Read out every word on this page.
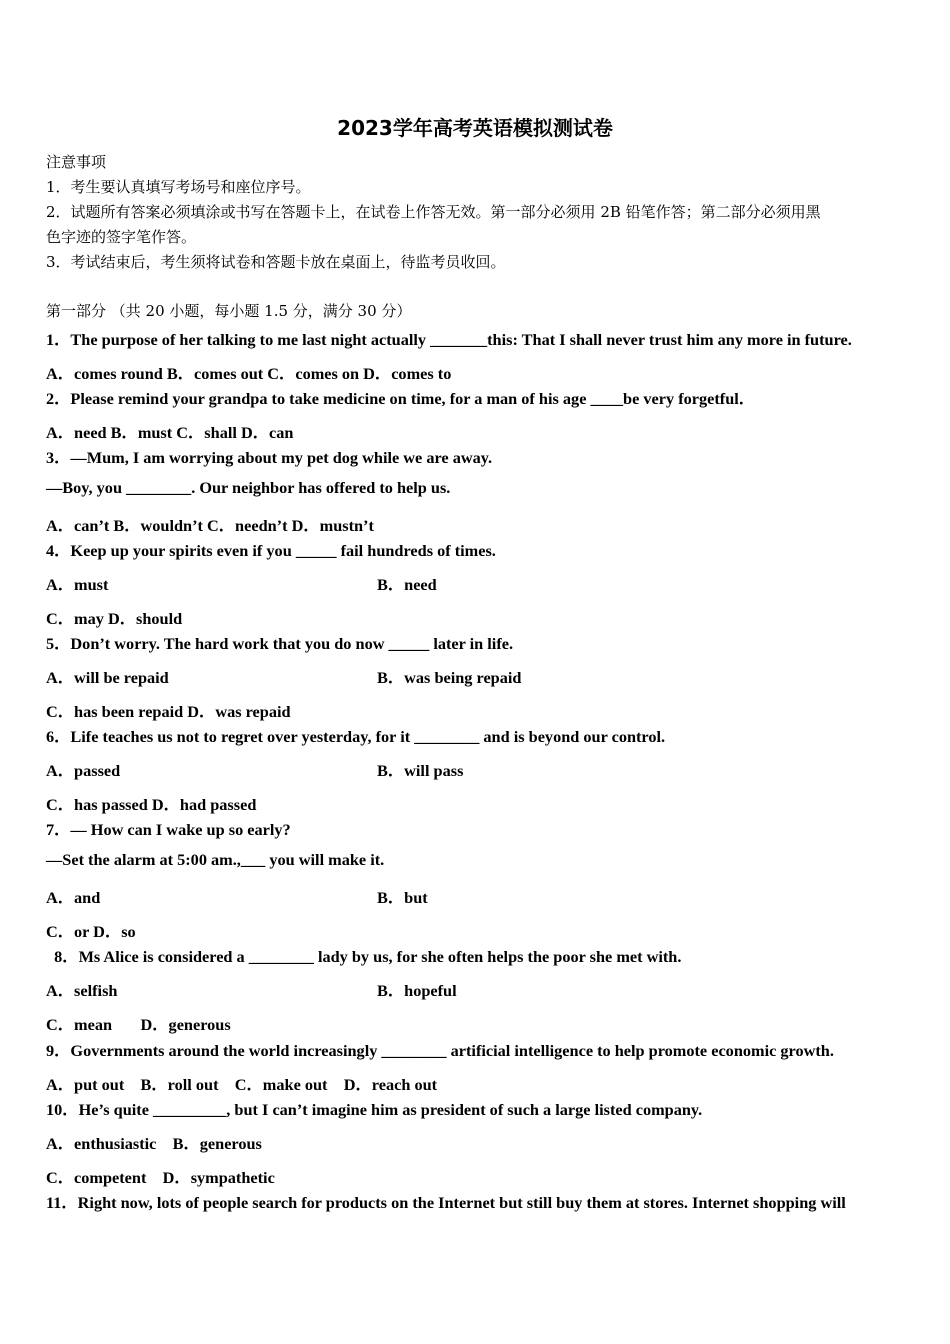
2023学年高考英语模拟测试卷
注意事项
1．考生要认真填写考场号和座位序号。
2．试题所有答案必须填涂或书写在答题卡上，在试卷上作答无效。第一部分必须用 2B 铅笔作答；第二部分必须用黑
色字迹的签字笔作答。
3．考试结束后，考生须将试卷和答题卡放在桌面上，待监考员收回。
第一部分 （共 20 小题，每小题 1.5 分，满分 30 分）
1．The purpose of her talking to me last night actually _______this: That I shall never trust him any more in future.
A．comes round B．comes out C．comes on D．comes to
2．Please remind your grandpa to take medicine on time, for a man of his age ____be very forgetful．
A．need B．must C．shall D．can
3．—Mum, I am worrying about my pet dog while we are away.
—Boy, you ________. Our neighbor has offered to help us.
A．can’t B．wouldn’t C．needn’t D．mustn’t
4．Keep up your spirits even if you _____ fail hundreds of times.
A．must	B．need
C．may D．should
5．Don’t worry. The hard work that you do now _____ later in life.
A．will be repaid	B．was being repaid
C．has been repaid D．was repaid
6．Life teaches us not to regret over yesterday, for it ________ and is beyond our control.
A．passed	B．will pass
C．has passed D．had passed
7．— How can I wake up so early?
—Set the alarm at 5:00 am.,___ you will make it.
A．and	B．but
C．or D．so
8．Ms Alice is considered a ________ lady by us, for she often helps the poor she met with.
A．selfish	B．hopeful
C．mean       D．generous
9．Governments around the world increasingly ________ artificial intelligence to help promote economic growth.
A．put out    B．roll out    C．make out    D．reach out
10．He’s quite _________, but I can’t imagine him as president of such a large listed company.
A．enthusiastic    B．generous
C．competent    D．sympathetic
11．Right now, lots of people search for products on the Internet but still buy them at stores. Internet shopping will
